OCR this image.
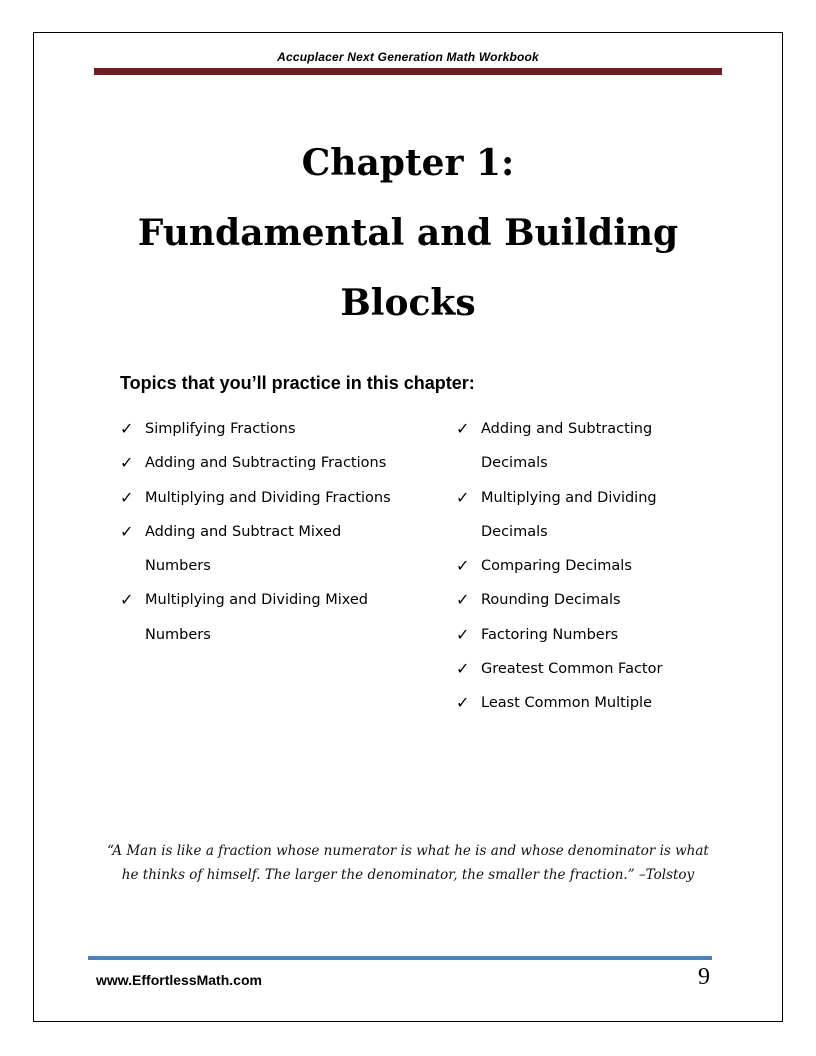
Accuplacer Next Generation Math Workbook
Chapter 1:
Fundamental and Building
Blocks
Topics that you’ll practice in this chapter:
✓ Simplifying Fractions
✓ Adding and Subtracting Fractions
✓ Multiplying and Dividing Fractions
✓ Adding and Subtract Mixed Numbers
✓ Multiplying and Dividing Mixed Numbers
✓ Adding and Subtracting Decimals
✓ Multiplying and Dividing Decimals
✓ Comparing Decimals
✓ Rounding Decimals
✓ Factoring Numbers
✓ Greatest Common Factor
✓ Least Common Multiple

“A Man is like a fraction whose numerator is what he is and whose denominator is what he thinks of himself. The larger the denominator, the smaller the fraction.” –Tolstoy

www.EffortlessMath.com	9
